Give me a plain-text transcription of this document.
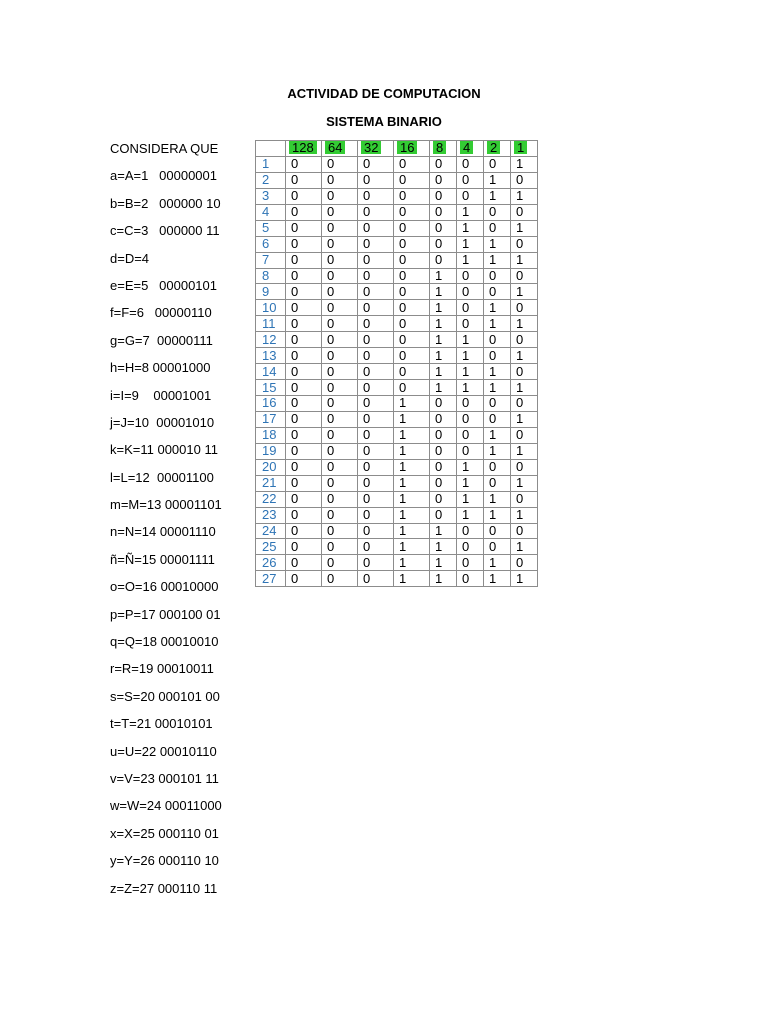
ACTIVIDAD DE COMPUTACION
SISTEMA BINARIO
CONSIDERA QUE
a=A=1   00000001
b=B=2   000000 10
c=C=3   000000 11
d=D=4
e=E=5   00000101
f=F=6   00000110
g=G=7  00000111
h=H=8 00001000
i=I=9    00001001
j=J=10  00001010
k=K=11 000010 11
l=L=12  00001100
m=M=13 00001101
n=N=14 00001110
ñ=Ñ=15 00001111
o=O=16 00010000
p=P=17 000100 01
q=Q=18 00010010
r=R=19 00010011
s=S=20 000101 00
t=T=21 00010101
u=U=22 00010110
v=V=23 000101 11
w=W=24 00011000
x=X=25 000110 01
y=Y=26 000110 10
z=Z=27 000110 11
	128	64	32	16	8	4	2	1
1	0	0	0	0	0	0	0	1
2	0	0	0	0	0	0	1	0
3	0	0	0	0	0	0	1	1
4	0	0	0	0	0	1	0	0
5	0	0	0	0	0	1	0	1
6	0	0	0	0	0	1	1	0
7	0	0	0	0	0	1	1	1
8	0	0	0	0	1	0	0	0
9	0	0	0	0	1	0	0	1
10	0	0	0	0	1	0	1	0
11	0	0	0	0	1	0	1	1
12	0	0	0	0	1	1	0	0
13	0	0	0	0	1	1	0	1
14	0	0	0	0	1	1	1	0
15	0	0	0	0	1	1	1	1
16	0	0	0	1	0	0	0	0
17	0	0	0	1	0	0	0	1
18	0	0	0	1	0	0	1	0
19	0	0	0	1	0	0	1	1
20	0	0	0	1	0	1	0	0
21	0	0	0	1	0	1	0	1
22	0	0	0	1	0	1	1	0
23	0	0	0	1	0	1	1	1
24	0	0	0	1	1	0	0	0
25	0	0	0	1	1	0	0	1
26	0	0	0	1	1	0	1	0
27	0	0	0	1	1	0	1	1
